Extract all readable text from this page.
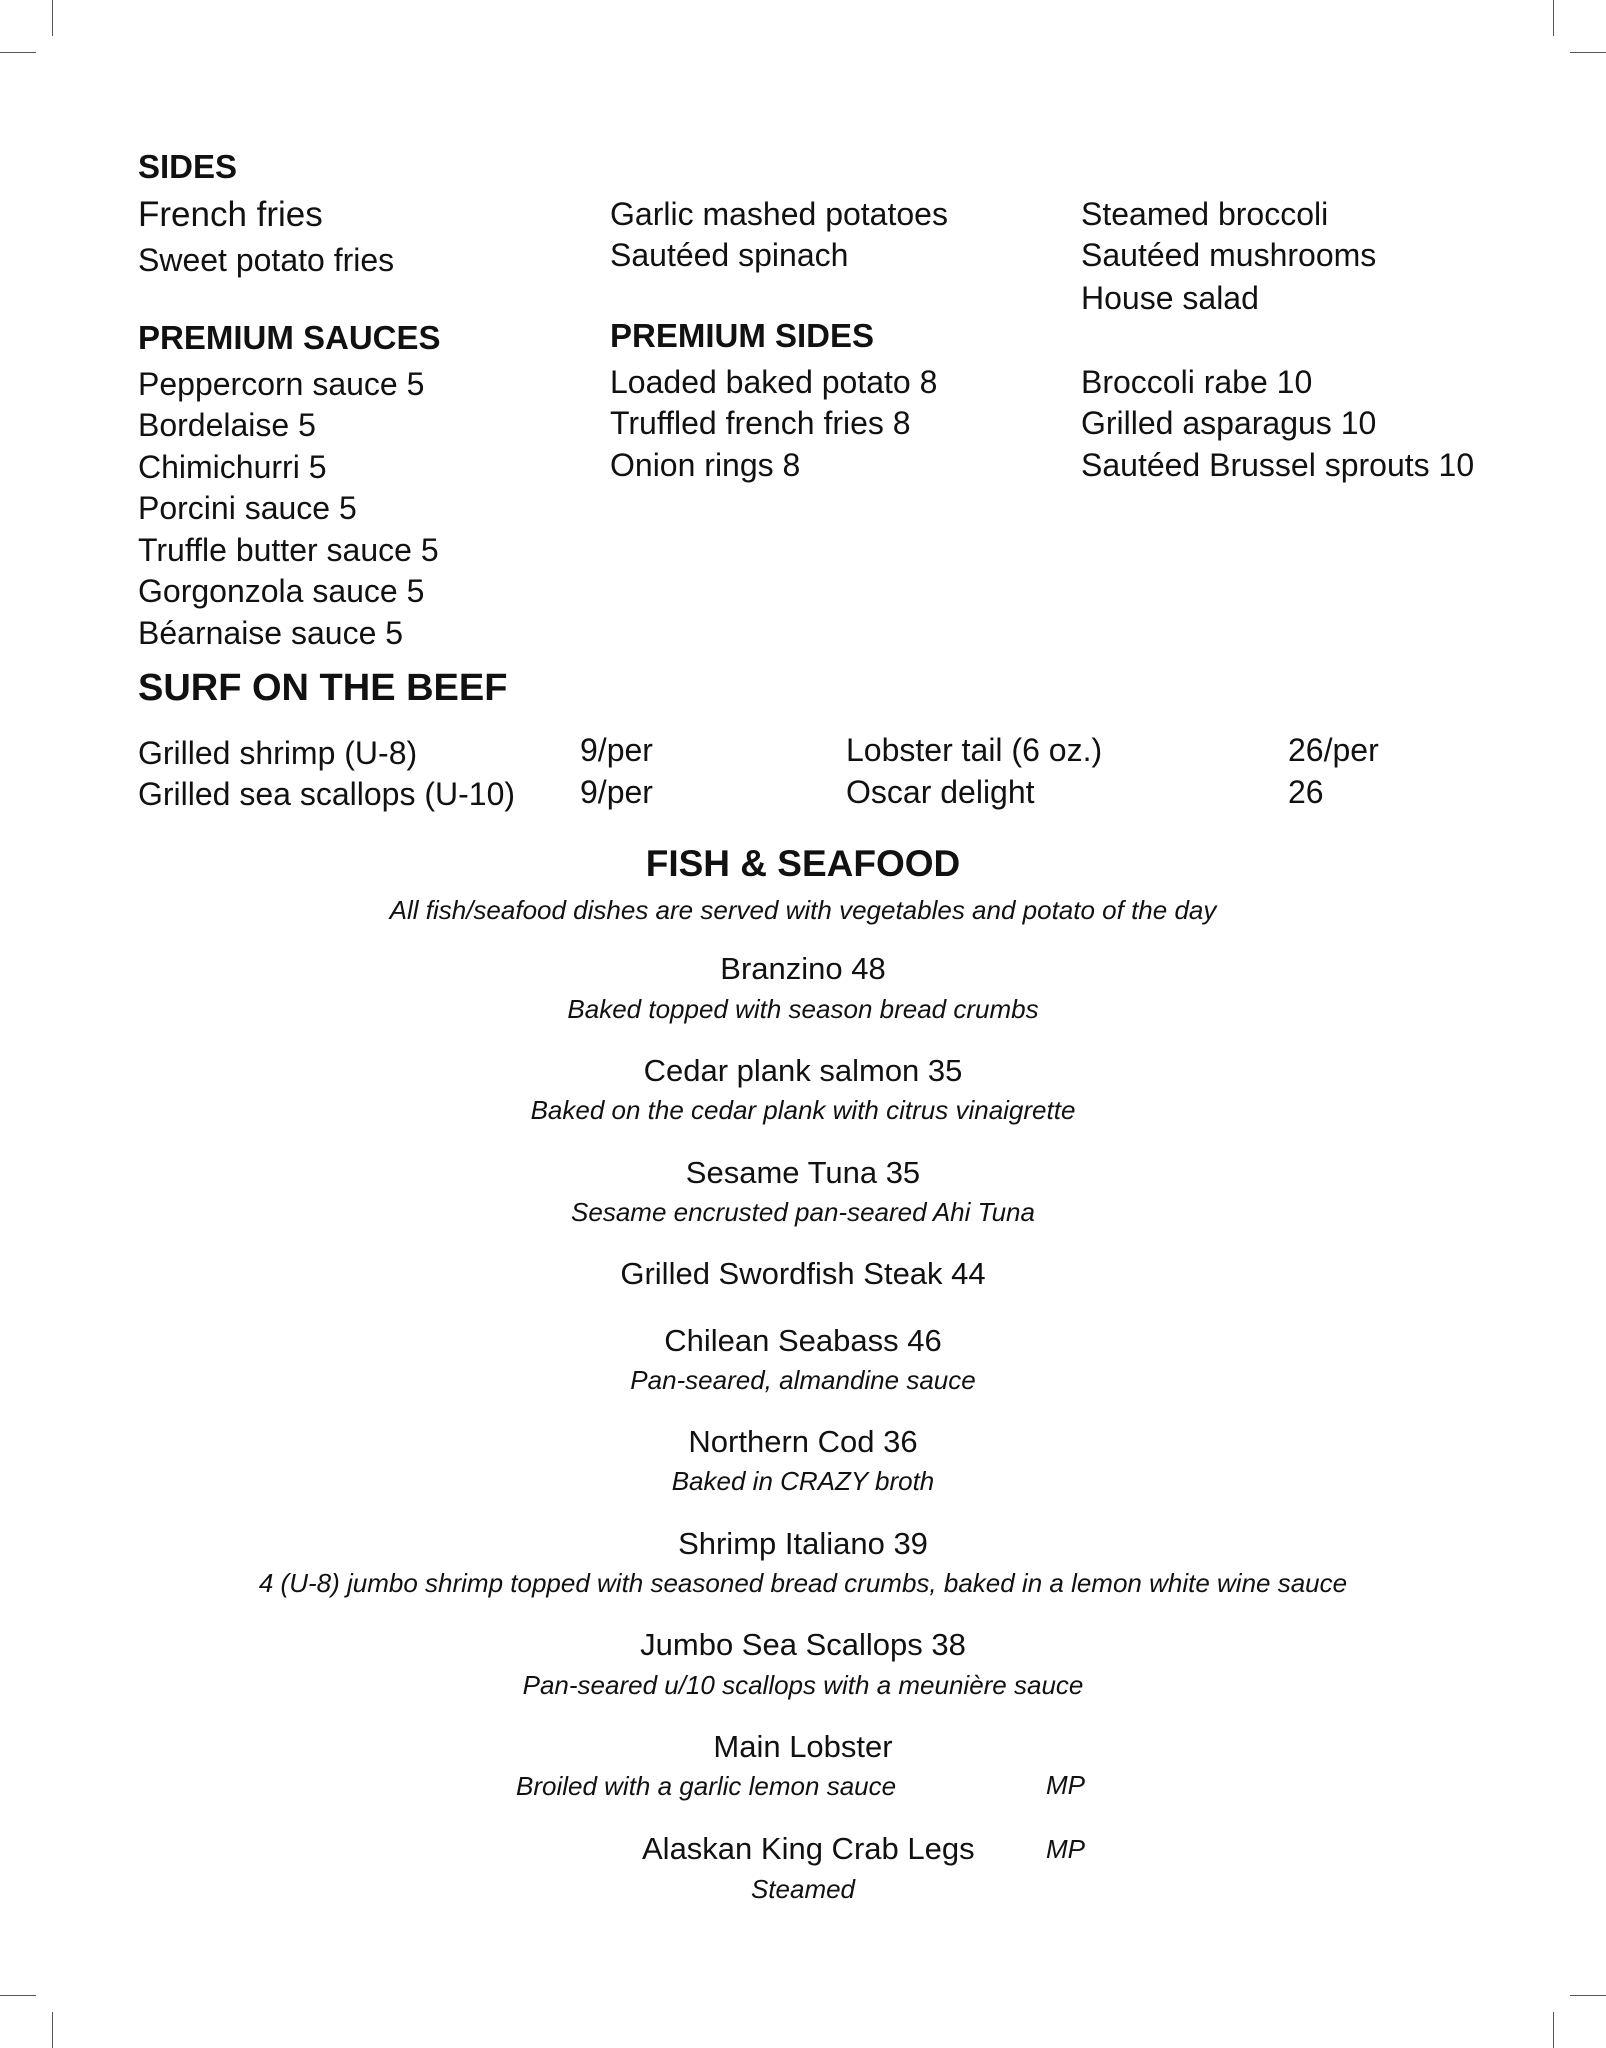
SIDES
French fries
Sweet potato fries
Garlic mashed potatoes
Sautéed spinach
Steamed broccoli
Sautéed mushrooms
House salad
PREMIUM SAUCES
Peppercorn sauce 5
Bordelaise 5
Chimichurri 5
Porcini sauce 5
Truffle butter sauce 5
Gorgonzola sauce 5
Béarnaise sauce 5
PREMIUM SIDES
Loaded baked potato 8
Truffled french fries 8
Onion rings 8
Broccoli rabe 10
Grilled asparagus 10
Sautéed Brussel sprouts 10
SURF ON THE BEEF
Grilled shrimp (U-8)	9/per	Lobster tail (6 oz.)	26/per
Grilled sea scallops (U-10) 9/per	Oscar delight	26
FISH & SEAFOOD
All fish/seafood dishes are served with vegetables and potato of the day
Branzino 48
Baked topped with season bread crumbs
Cedar plank salmon 35
Baked on the cedar plank with citrus vinaigrette
Sesame Tuna 35
Sesame encrusted pan-seared Ahi Tuna
Grilled Swordfish Steak 44
Chilean Seabass 46
Pan-seared, almandine sauce
Northern Cod 36
Baked in CRAZY broth
Shrimp Italiano 39
4 (U-8) jumbo shrimp topped with seasoned bread crumbs, baked in a lemon white wine sauce
Jumbo Sea Scallops 38
Pan-seared u/10 scallops with a meunière sauce
Main Lobster
Broiled with a garlic lemon sauce	MP
Alaskan King Crab Legs	MP
Steamed
